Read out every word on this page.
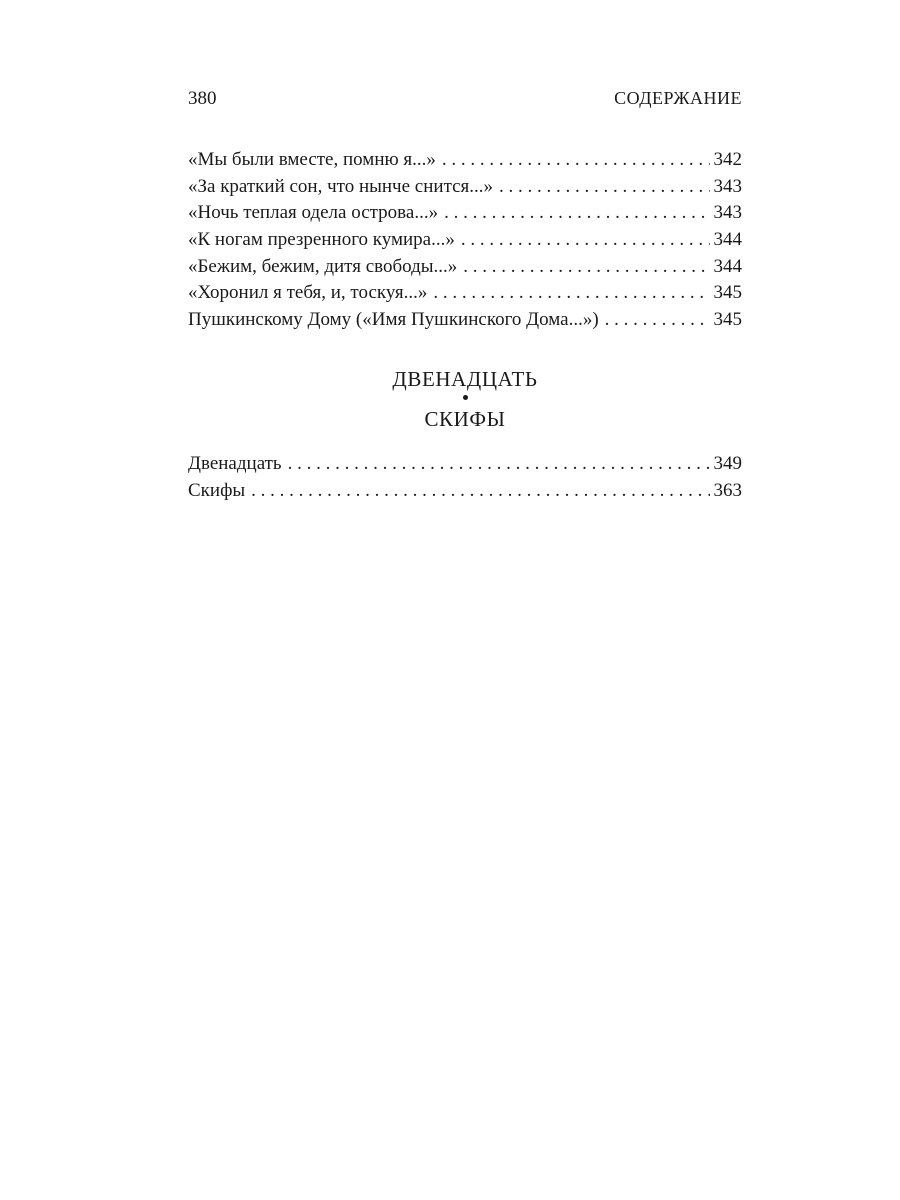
380	СОДЕРЖАНИЕ
«Мы были вместе, помню я...» . . .	342
«За краткий сон, что нынче снится...» . . .	343
«Ночь теплая одела острова...» . . .	343
«К ногам презренного кумира...» . . .	344
«Бежим, бежим, дитя свободы...» . . .	344
«Хоронил я тебя, и, тоскуя...» . . .	345
Пушкинскому Дому («Имя Пушкинского Дома...») . . .	345
ДВЕНАДЦАТЬ
СКИФЫ
Двенадцать . . .	349
Скифы . . .	363
